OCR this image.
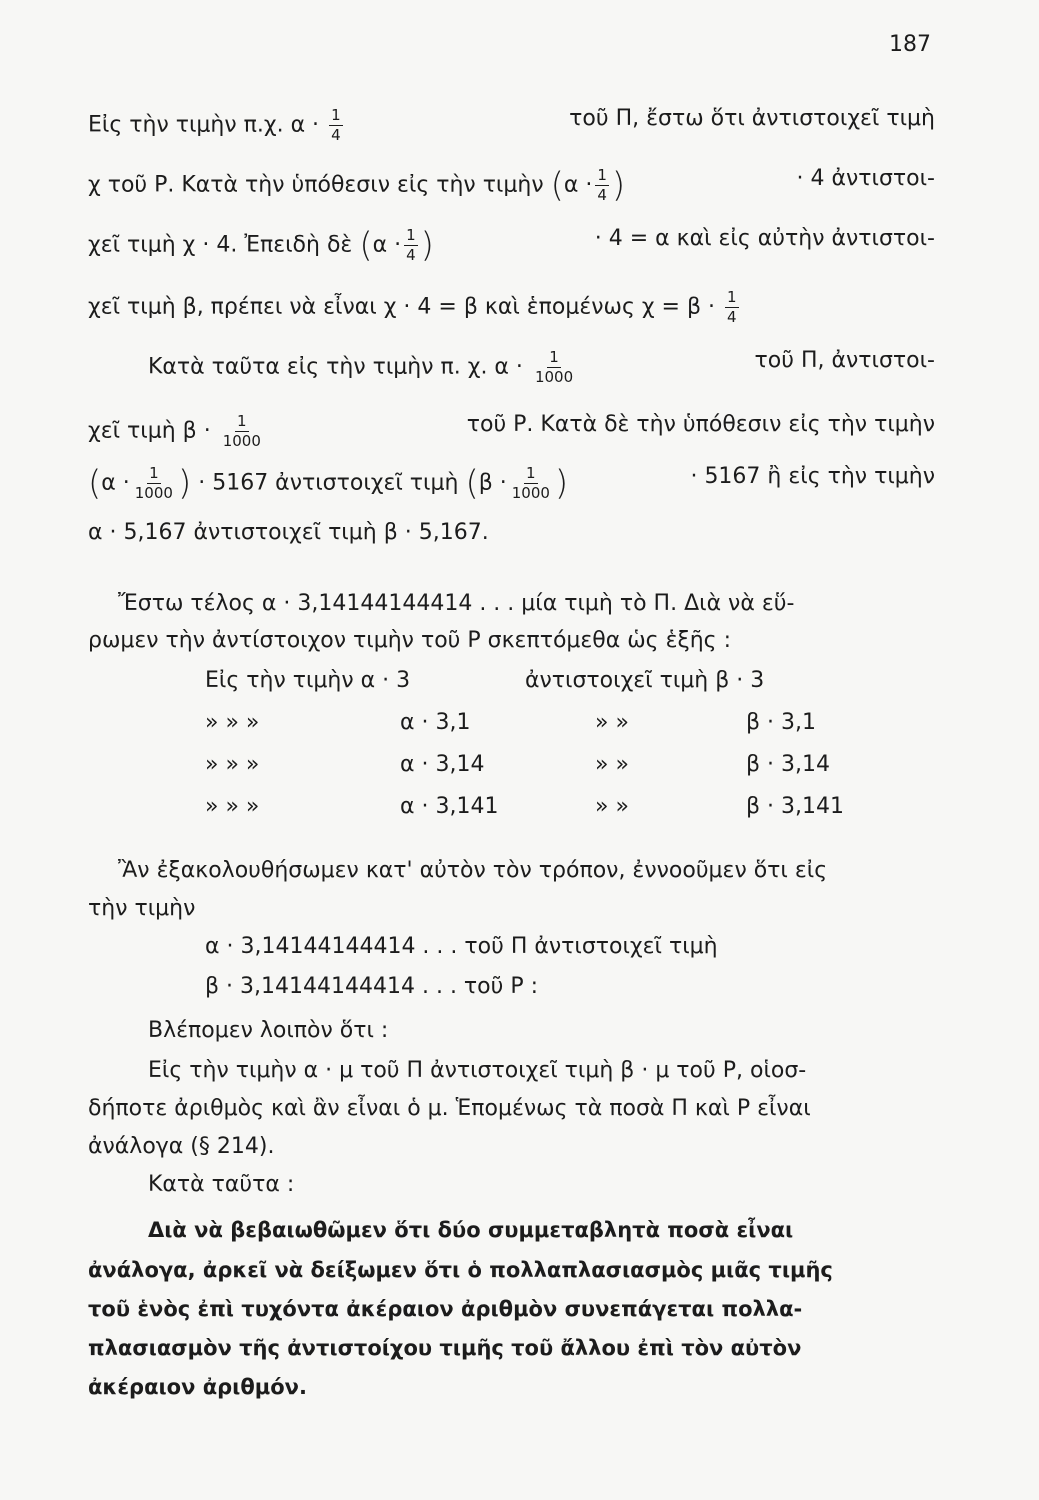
187
Εἰς τὴν τιμὴν π.χ. $\alpha \cdot \frac{1}{4}$	τοῦ Π, ἔστω ὅτι ἀντιστοιχεῖ τιμὴ
χ τοῦ Ρ. Κατὰ τὴν ὑπόθεσιν εἰς τὴν τιμὴν ($\alpha \cdot \frac{1}{4}$ )	· 4 ἀντιστοι-
χεῖ τιμὴ χ · 4. Ἐπειδὴ δὲ ($\alpha \cdot \frac{1}{4}$ )	· 4 = α καὶ εἰς αὐτὴν ἀντιστοι-
χεῖ τιμὴ β, πρέπει νὰ εἶναι χ · 4 = β καὶ ἑπομένως $\chi = \beta \cdot \frac{1}{4}$
Κατὰ ταῦτα εἰς τὴν τιμὴν π. χ. $\alpha \cdot \frac{1}{1000}$	τοῦ Π, ἀντιστοι-
χεῖ τιμὴ $\beta \cdot \frac{1}{1000}$	τοῦ Ρ. Κατὰ δὲ τὴν ὑπόθεσιν εἰς τὴν τιμὴν
($\alpha \cdot \frac{1}{1000}$ ) · 5167 ἀντιστοιχεῖ τιμὴ ($\beta \cdot \frac{1}{1000}$ )	· 5167 ἢ εἰς τὴν τιμὴν
α · 5,167 ἀντιστοιχεῖ τιμὴ β · 5,167.
Ἔστω τέλος α · 3,14144144414 . . . μία τιμὴ τὸ Π. Διὰ νὰ εὕ-
ρωμεν τὴν ἀντίστοιχον τιμὴν τοῦ Ρ σκεπτόμεθα ὡς ἑξῆς :
Εἰς τὴν τιμὴν α · 3	ἀντιστοιχεῖ τιμὴ β · 3
» » »	α · 3,1	» »	β · 3,1
» » »	α · 3,14	» »	β · 3,14
» » »	α · 3,141	» »	β · 3,141
Ἂν ἐξακολουθήσωμεν κατ' αὐτὸν τὸν τρόπον, ἐννοοῦμεν ὅτι εἰς
τὴν τιμὴν
α · 3,14144144414 . . . τοῦ Π ἀντιστοιχεῖ τιμὴ
β · 3,14144144414 . . . τοῦ Ρ :
Βλέπομεν λοιπὸν ὅτι :
Εἰς τὴν τιμὴν α · μ τοῦ Π ἀντιστοιχεῖ τιμὴ β · μ τοῦ Ρ, οἱοσ-
δήποτε ἀριθμὸς καὶ ἂν εἶναι ὁ μ. Ἑπομένως τὰ ποσὰ Π καὶ Ρ εἶναι
ἀνάλογα (§ 214).
Κατὰ ταῦτα :
Διὰ νὰ βεβαιωθῶμεν ὅτι δύο συμμεταβλητὰ ποσὰ εἶναι
ἀνάλογα, ἀρκεῖ νὰ δείξωμεν ὅτι ὁ πολλαπλασιασμὸς μιᾶς τιμῆς
τοῦ ἑνὸς ἐπὶ τυχόντα ἀκέραιον ἀριθμὸν συνεπάγεται πολλα-
πλασιασμὸν τῆς ἀντιστοίχου τιμῆς τοῦ ἄλλου ἐπὶ τὸν αὐτὸν
ἀκέραιον ἀριθμόν.
